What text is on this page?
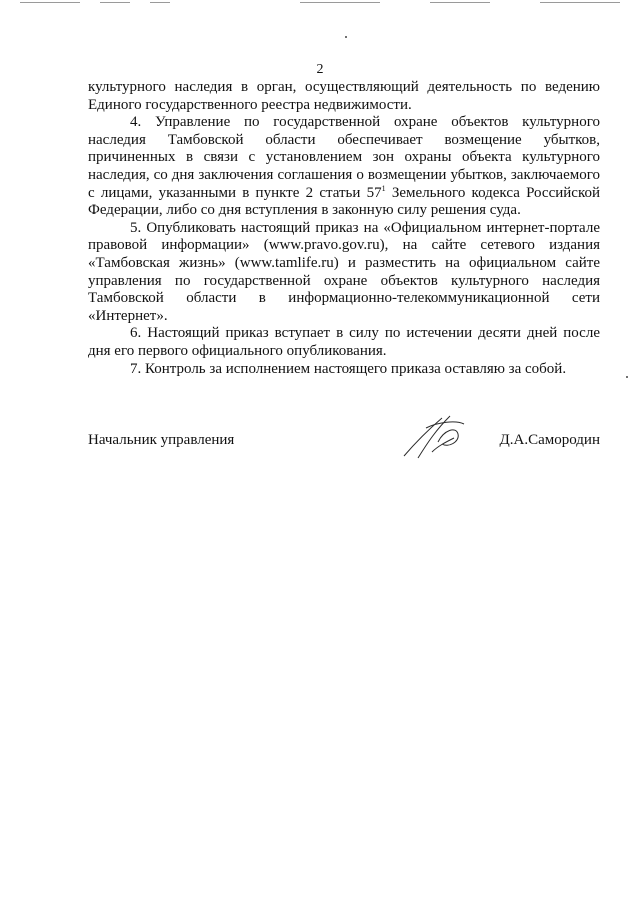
2

культурного наследия в орган, осуществляющий деятельность по ведению Единого государственного реестра недвижимости.

4. Управление по государственной охране объектов культурного наследия Тамбовской области обеспечивает возмещение убытков, причиненных в связи с установлением зон охраны объекта культурного наследия, со дня заключения соглашения о возмещении убытков, заключаемого с лицами, указанными в пункте 2 статьи $57^1$ Земельного кодекса Российской Федерации, либо со дня вступления в законную силу решения суда.

5. Опубликовать настоящий приказ на «Официальном интернет-портале правовой информации» (www.pravo.gov.ru), на сайте сетевого издания «Тамбовская жизнь» (www.tamlife.ru) и разместить на официальном сайте управления по государственной охране объектов культурного наследия Тамбовской области в информационно-телекоммуникационной сети «Интернет».

6. Настоящий приказ вступает в силу по истечении десяти дней после дня его первого официального опубликования.

7. Контроль за исполнением настоящего приказа оставляю за собой.

Начальник управления	Д.А.Самородин
